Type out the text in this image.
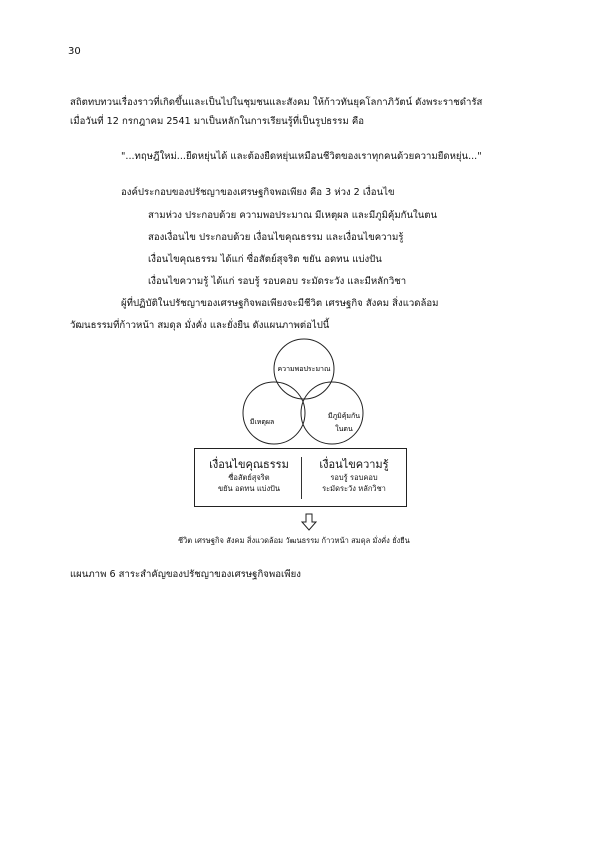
30
สถิตทบทวนเรื่องราวที่เกิดขึ้นและเป็นไปในชุมชนและสังคม ให้ก้าวทันยุคโลกาภิวัตน์ ดังพระราชดำรัส
เมื่อวันที่ 12 กรกฎาคม 2541 มาเป็นหลักในการเรียนรู้ที่เป็นรูปธรรม คือ
"...ทฤษฎีใหม่...ยืดหยุ่นได้ และต้องยืดหยุ่นเหมือนชีวิตของเราทุกคนด้วยความยืดหยุ่น..."
องค์ประกอบของปรัชญาของเศรษฐกิจพอเพียง คือ 3 ห่วง 2 เงื่อนไข
สามห่วง ประกอบด้วย ความพอประมาณ มีเหตุผล และมีภูมิคุ้มกันในตน
สองเงื่อนไข ประกอบด้วย เงื่อนไขคุณธรรม และเงื่อนไขความรู้
เงื่อนไขคุณธรรม ได้แก่ ซื่อสัตย์สุจริต ขยัน อดทน แบ่งปัน
เงื่อนไขความรู้ ได้แก่ รอบรู้ รอบคอบ ระมัดระวัง และมีหลักวิชา
ผู้ที่ปฏิบัติในปรัชญาของเศรษฐกิจพอเพียงจะมีชีวิต เศรษฐกิจ สังคม สิ่งแวดล้อม
วัฒนธรรมที่ก้าวหน้า สมดุล มั่งคั่ง และยั่งยืน ดังแผนภาพต่อไปนี้
ความพอประมาณ
มีเหตุผล
มีภูมิคุ้มกัน
ในตน
เงื่อนไขคุณธรรม
ซื่อสัตย์สุจริต
ขยัน อดทน แบ่งปัน
เงื่อนไขความรู้
รอบรู้ รอบคอบ
ระมัดระวัง หลักวิชา
ชีวิต เศรษฐกิจ สังคม สิ่งแวดล้อม วัฒนธรรม ก้าวหน้า สมดุล มั่งคั่ง ยั่งยืน
แผนภาพ 6 สาระสำคัญของปรัชญาของเศรษฐกิจพอเพียง
